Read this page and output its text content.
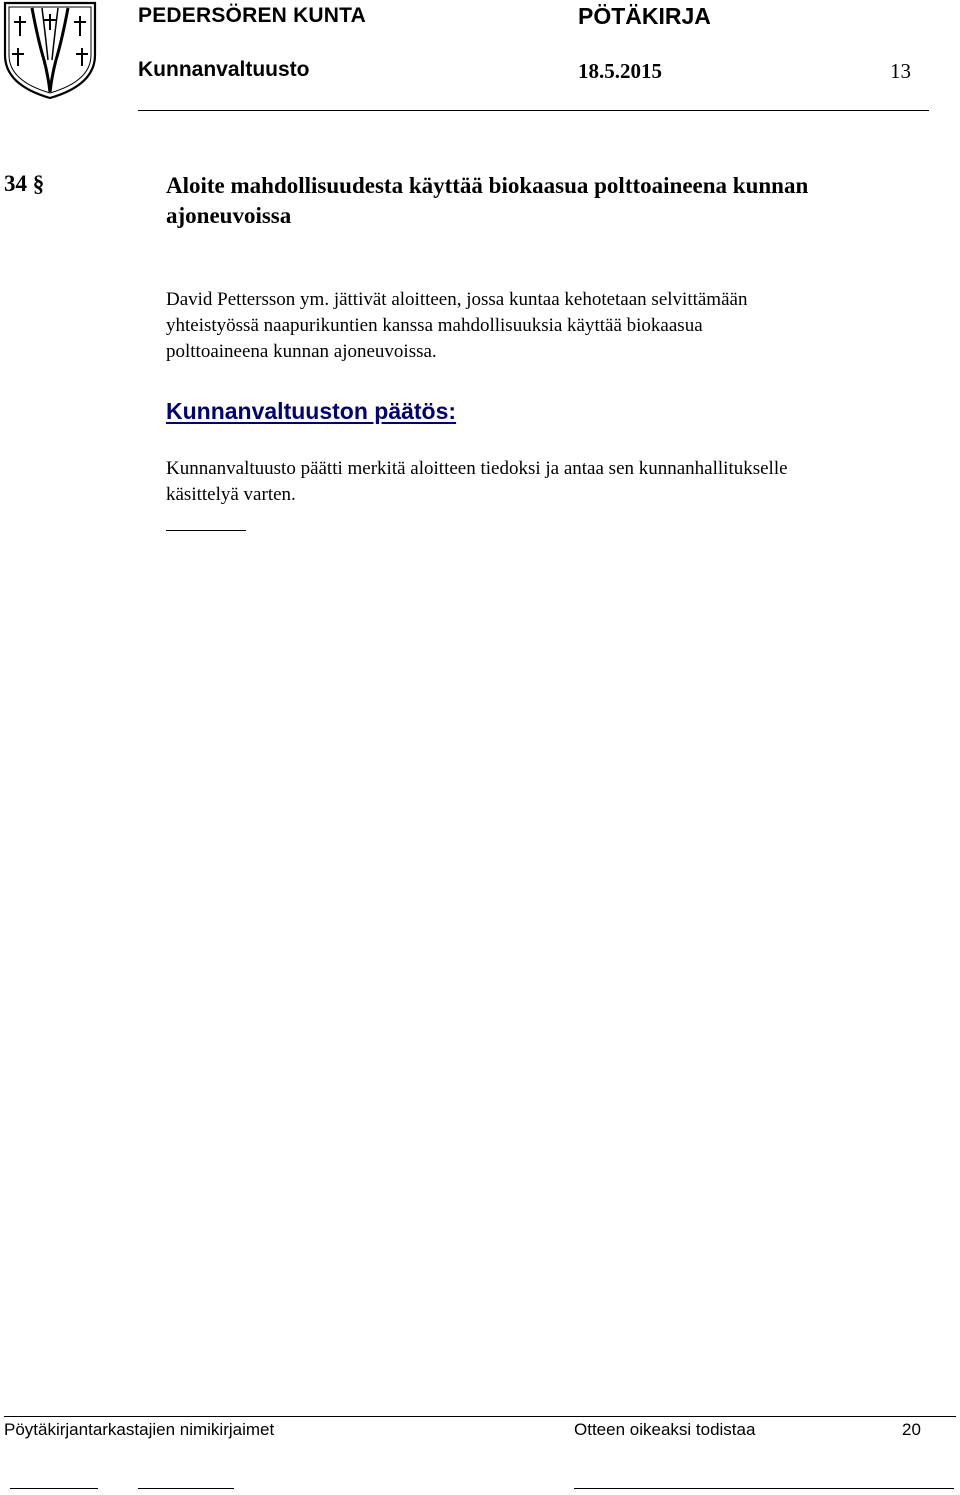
PEDERSÖREN KUNTA	PÖTÄKIRJA
Kunnanvaltuusto	18.5.2015	13
34 §	Aloite mahdollisuudesta käyttää biokaasua polttoaineena kunnan ajoneuvoissa
David Pettersson ym. jättivät aloitteen, jossa kuntaa kehotetaan selvittämään
yhteistyössä naapurikuntien kanssa mahdollisuuksia käyttää biokaasua
polttoaineena kunnan ajoneuvoissa.
Kunnanvaltuuston päätös:
Kunnanvaltuusto päätti merkitä aloitteen tiedoksi ja antaa sen kunnanhallitukselle
käsittelyä varten.
Pöytäkirjantarkastajien nimikirjaimet	Otteen oikeaksi todistaa	20
